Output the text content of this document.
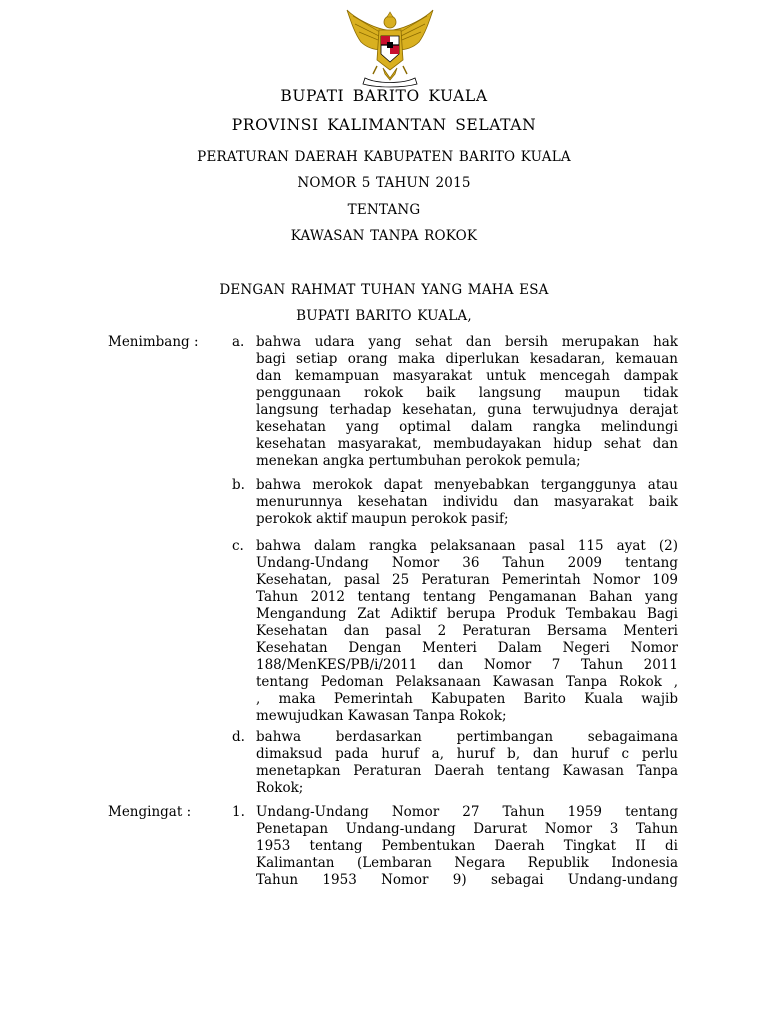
BUPATI BARITO KUALA
PROVINSI KALIMANTAN SELATAN
PERATURAN DAERAH KABUPATEN BARITO KUALA
NOMOR 5 TAHUN 2015
TENTANG
KAWASAN TANPA ROKOK
DENGAN RAHMAT TUHAN YANG MAHA ESA
BUPATI BARITO KUALA,
Menimbang : a. bahwa udara yang sehat dan bersih merupakan hak
bagi setiap orang maka diperlukan kesadaran, kemauan
dan kemampuan masyarakat untuk mencegah dampak
penggunaan rokok baik langsung maupun tidak
langsung terhadap kesehatan, guna terwujudnya derajat
kesehatan yang optimal dalam rangka melindungi
kesehatan masyarakat, membudayakan hidup sehat dan
menekan angka pertumbuhan perokok pemula;
b. bahwa merokok dapat menyebabkan terganggunya atau
menurunnya kesehatan individu dan masyarakat baik
perokok aktif maupun perokok pasif;
c. bahwa dalam rangka pelaksanaan pasal 115 ayat (2)
Undang-Undang Nomor 36 Tahun 2009 tentang
Kesehatan, pasal 25 Peraturan Pemerintah Nomor 109
Tahun 2012 tentang tentang Pengamanan Bahan yang
Mengandung Zat Adiktif berupa Produk Tembakau Bagi
Kesehatan dan pasal 2 Peraturan Bersama Menteri
Kesehatan Dengan Menteri Dalam Negeri Nomor
188/MenKES/PB/i/2011 dan Nomor 7 Tahun 2011
tentang Pedoman Pelaksanaan Kawasan Tanpa Rokok ,
, maka Pemerintah Kabupaten Barito Kuala wajib
mewujudkan Kawasan Tanpa Rokok;
d. bahwa berdasarkan pertimbangan sebagaimana
dimaksud pada huruf a, huruf b, dan huruf c perlu
menetapkan Peraturan Daerah tentang Kawasan Tanpa
Rokok;
Mengingat :	1. Undang-Undang Nomor 27 Tahun 1959 tentang
Penetapan Undang-undang Darurat Nomor 3 Tahun
1953 tentang Pembentukan Daerah Tingkat II di
Kalimantan (Lembaran Negara Republik Indonesia
Tahun 1953 Nomor 9) sebagai Undang-undang
